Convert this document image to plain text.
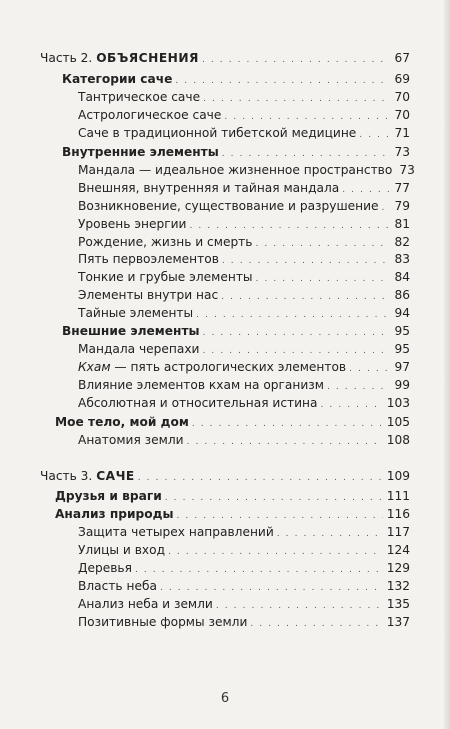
Часть 2. ОБЪЯСНЕНИЯ . . .	67
Категории саче . . .	69
Тантрическое саче . . .	70
Астрологическое саче . . .	70
Саче в традиционной тибетской медицине . . .	71
Внутренние элементы . . .	73
Мандала — идеальное жизненное пространство 73
Внешняя, внутренняя и тайная мандала . . .	77
Возникновение, существование и разрушение . . . 79
Уровень энергии . . .	81
Рождение, жизнь и смерть . . .	82
Пять первоэлементов . . .	83
Тонкие и грубые элементы . . .	84
Элементы внутри нас . . .	86
Тайные элементы . . .	94
Внешние элементы . . .	95
Мандала черепахи . . .	95
Кхам — пять астрологических элементов . . .	97
Влияние элементов кхам на организм . . .	99
Абсолютная и относительная истина . . .	103
Мое тело, мой дом . . .	105
Анатомия земли . . .	108
Часть 3. САЧЕ . . .	109
Друзья и враги . . .	111
Анализ природы . . .	116
Защита четырех направлений . . .	117
Улицы и вход . . .	124
Деревья . . .	129
Власть неба . . .	132
Анализ неба и земли . . .	135
Позитивные формы земли . . .	137
6
